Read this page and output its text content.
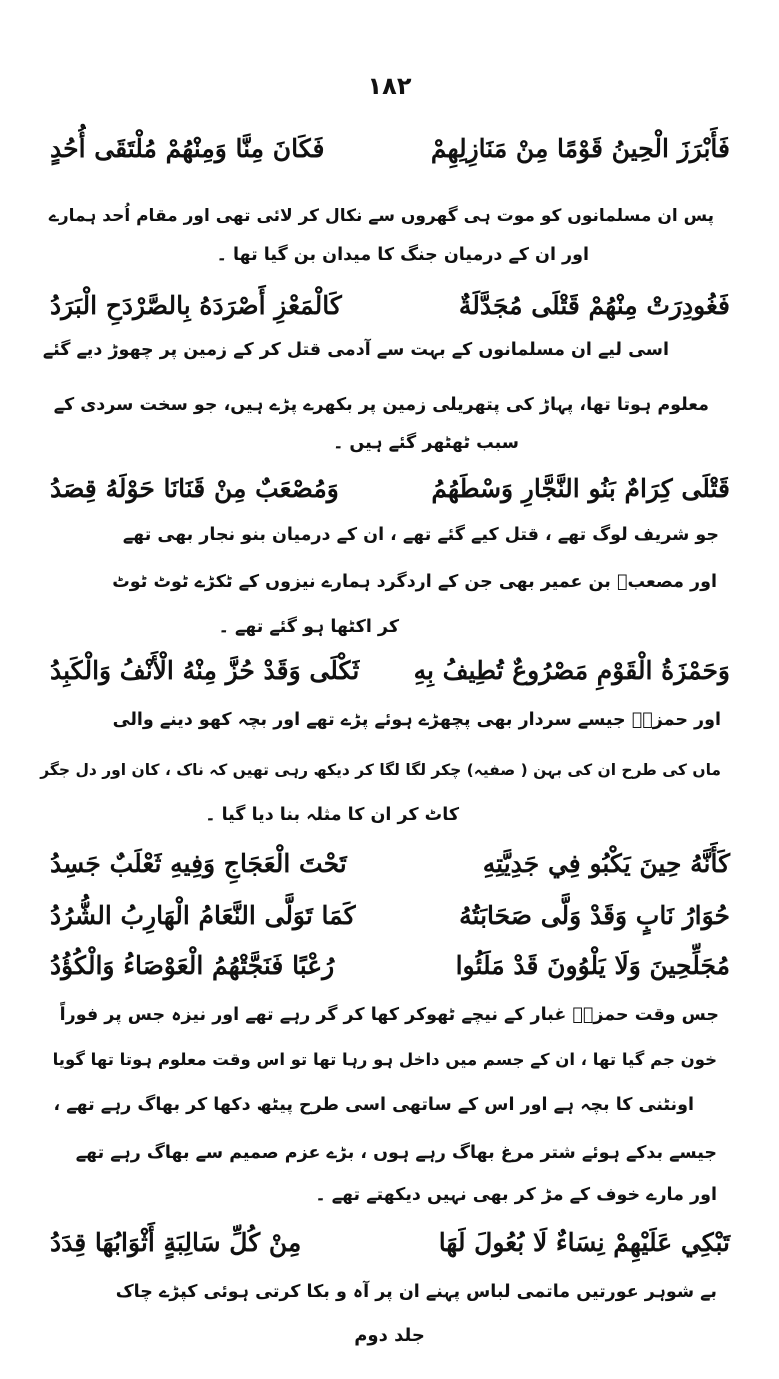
۱۸۲
فَأَبْرَزَ الْحِينُ قَوْمًا مِنْ مَنَازِلِهِمْ
فَكَانَ مِنَّا وَمِنْهُمْ مُلْتَقَى أُحُدٍ
پس ان مسلمانوں کو موت ہی گھروں سے نکال کر لائی تھی اور مقام اُحد ہمارے
اور ان کے درمیان جنگ کا میدان بن گیا تھا ۔
فَغُودِرَتْ مِنْهُمْ قَتْلَى مُجَدَّلَةٌ
كَالْمَعْزِ أَصْرَدَهُ بِالصَّرْدَحِ الْبَرَدُ
اسی لیے ان مسلمانوں کے بہت سے آدمی قتل کر کے زمین پر چھوڑ دیے گئے
معلوم ہوتا تھا، پہاڑ کی پتھریلی زمین پر بکھرے پڑے ہیں، جو سخت سردی کے
سبب ٹھٹھر گئے ہیں ۔
قَتْلَى كِرَامٌ بَنُو النَّجَّارِ وَسْطَهُمُ
وَمُصْعَبٌ مِنْ قَنَانَا حَوْلَهُ قِصَدُ
جو شریف لوگ تھے ، قتل کیے گئے تھے ، ان کے درمیان بنو نجار بھی تھے
اور مصعبؓ بن عمیر بھی جن کے اردگرد ہمارے نیزوں کے ٹکڑے ٹوٹ ٹوٹ
کر اکٹھا ہو گئے تھے ۔
وَحَمْزَةُ الْقَوْمِ مَصْرُوعٌ تُطِيفُ بِهِ
ثَكْلَى وَقَدْ حُزَّ مِنْهُ الْأَنْفُ وَالْكَبِدُ
اور حمزہؓ جیسے سردار بھی پچھڑے ہوئے پڑے تھے اور بچہ کھو دینے والی
ماں کی طرح ان کی بہن ( صفیہ) چکر لگا لگا کر دیکھ رہی تھیں کہ ناک ، کان اور دل جگر
کاٹ کر ان کا مثلہ بنا دیا گیا ۔
كَأَنَّهُ حِينَ يَكْبُو فِي جَدِيَّتِهِ
تَحْتَ الْعَجَاجِ وَفِيهِ ثَعْلَبٌ جَسِدُ
حُوَارُ نَابٍ وَقَدْ وَلَّى صَحَابَتُهُ
كَمَا تَوَلَّى النَّعَامُ الْهَارِبُ الشُّرُدُ
مُجَلِّحِينَ وَلَا يَلْوُونَ قَدْ مَلَئُوا
رُعْبًا فَنَجَّتْهُمُ الْعَوْصَاءُ وَالْكُؤُدُ
جس وقت حمزہؓ غبار کے نیچے ٹھوکر کھا کر گر رہے تھے اور نیزہ جس پر فوراً
خون جم گیا تھا ، ان کے جسم میں داخل ہو رہا تھا تو اس وقت معلوم ہوتا تھا گویا
اونٹنی کا بچہ ہے اور اس کے ساتھی اسی طرح پیٹھ دکھا کر بھاگ رہے تھے ،
جیسے بدکے ہوئے شتر مرغ بھاگ رہے ہوں ، بڑے عزم صمیم سے بھاگ رہے تھے
اور مارے خوف کے مڑ کر بھی نہیں دیکھتے تھے ۔
تَبْكِي عَلَيْهِمْ نِسَاءٌ لَا بُعُولَ لَهَا
مِنْ كُلِّ سَالِبَةٍ أَثْوَابُهَا قِدَدُ
بے شوہر عورتیں ماتمی لباس پہنے ان پر آہ و بکا کرتی ہوئی کپڑے چاک
جلد دوم
